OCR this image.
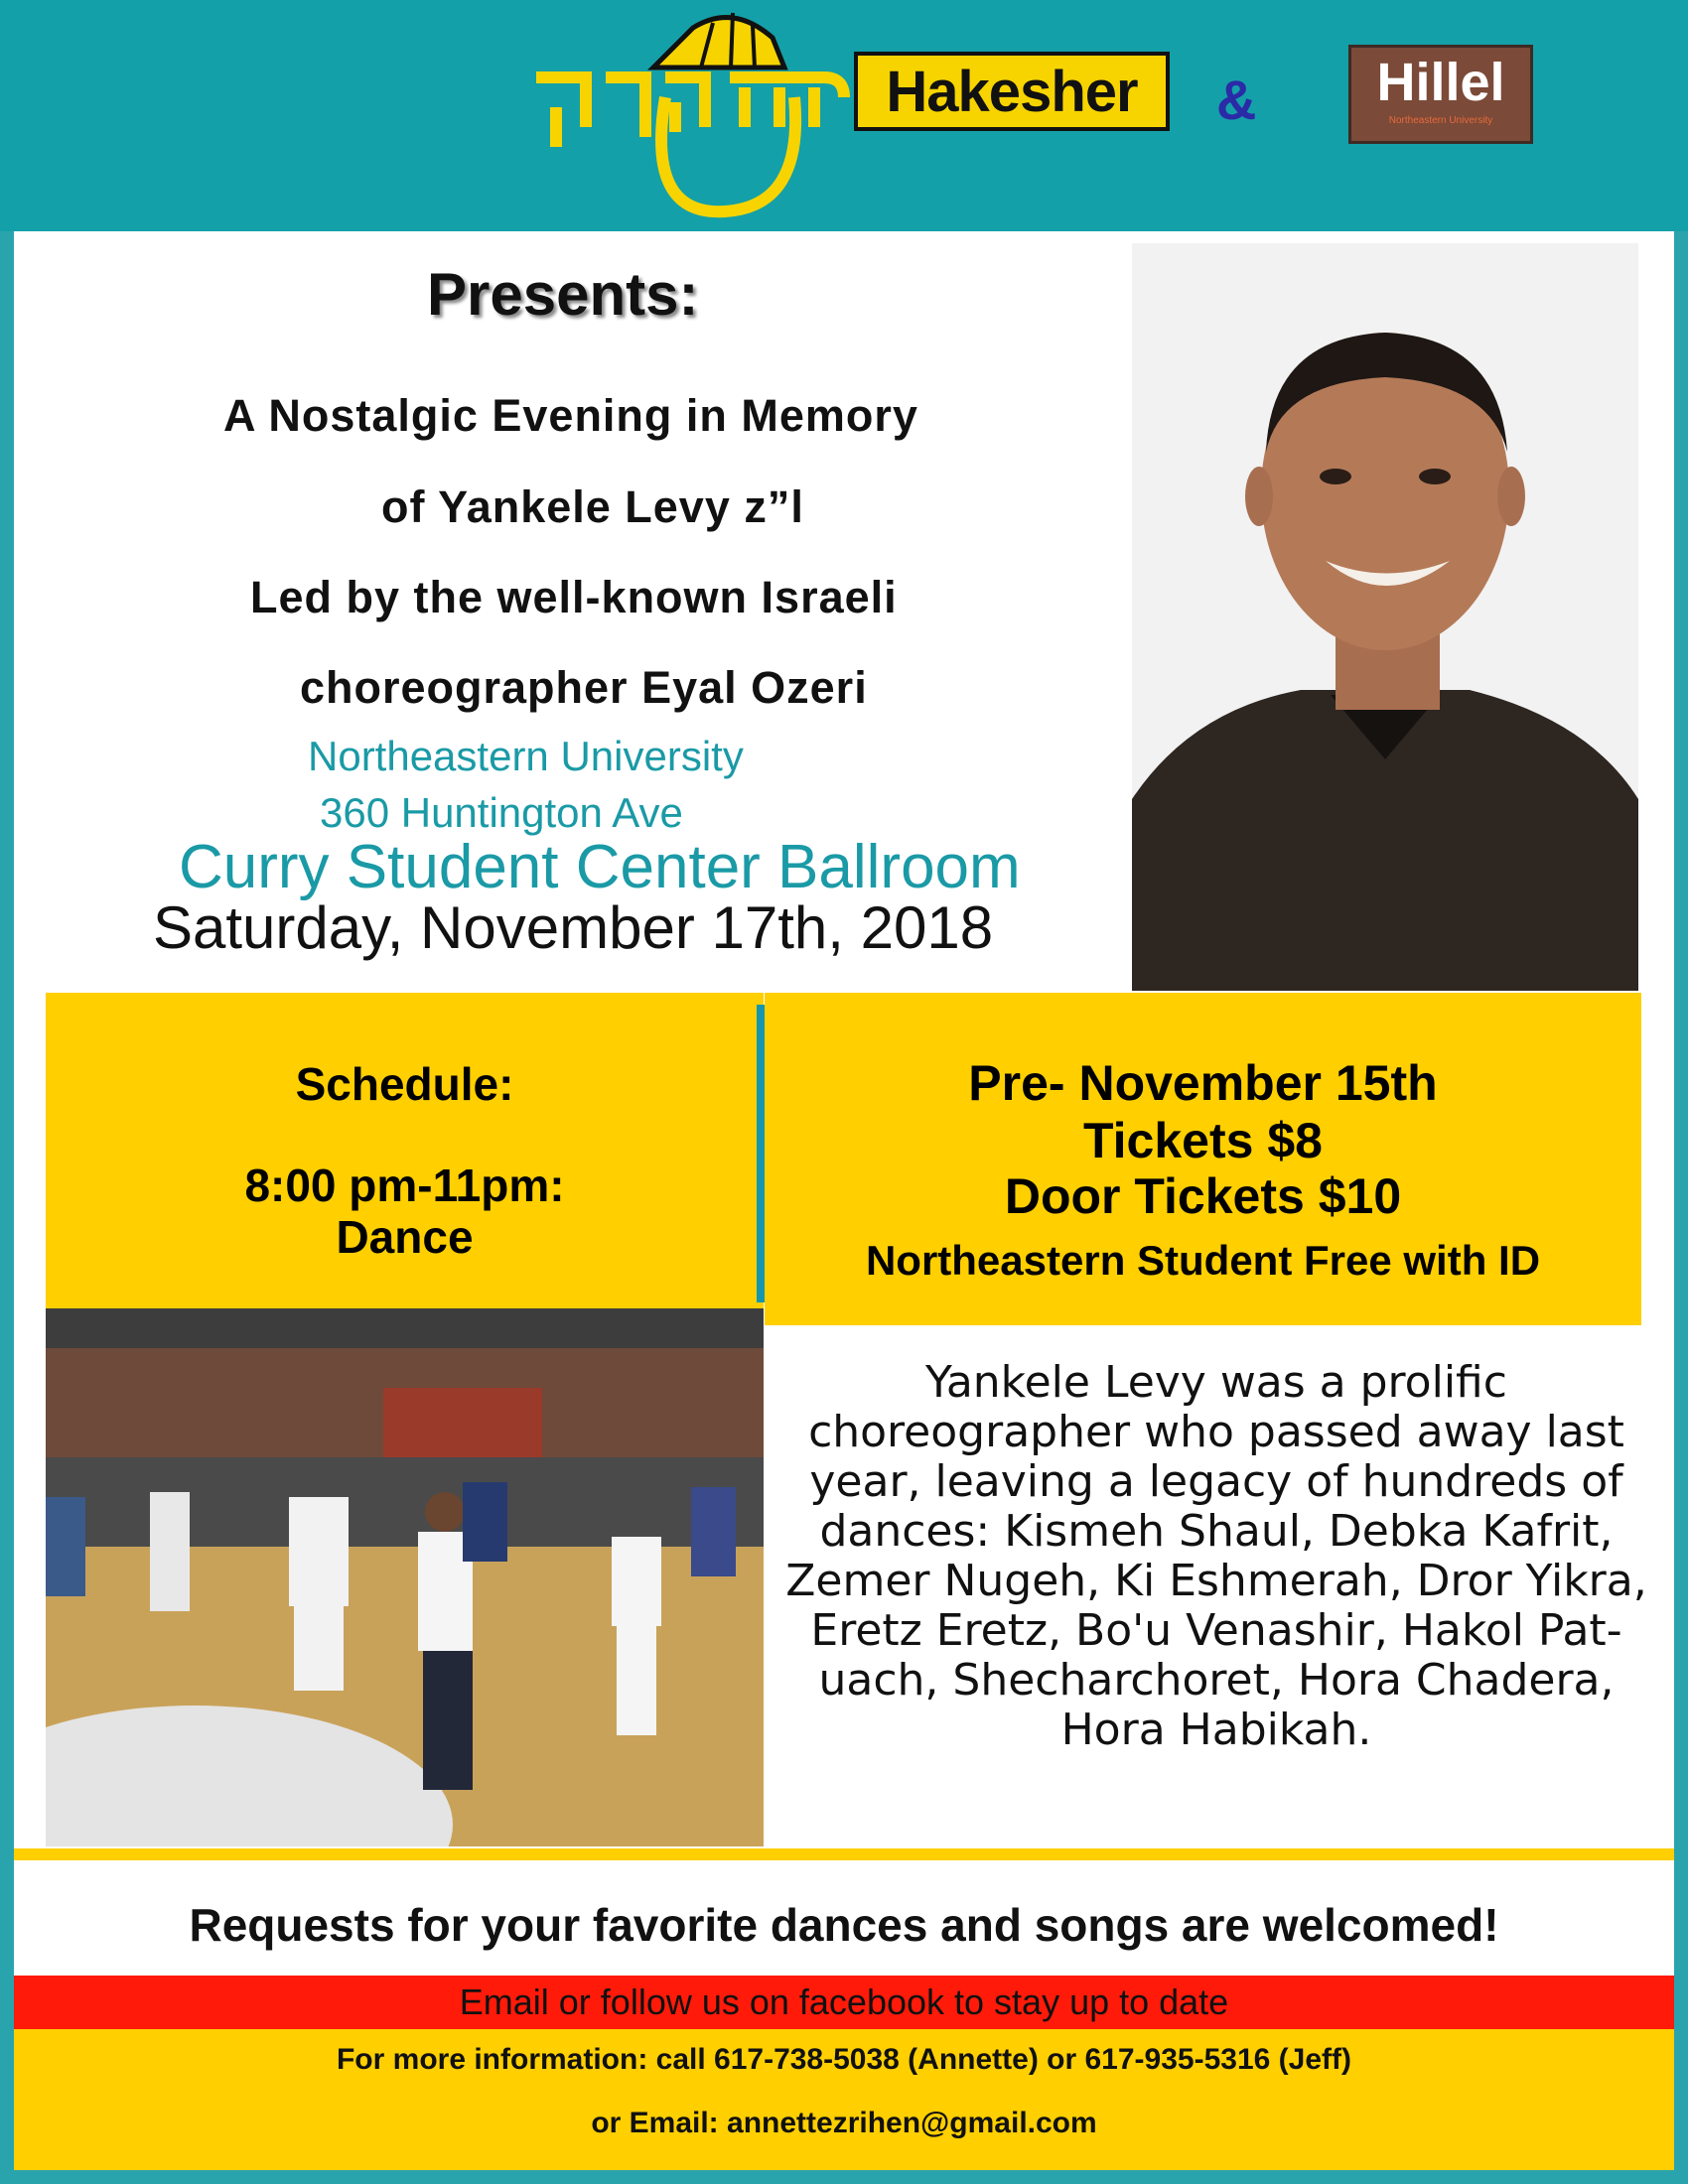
Hakesher &	Hillel
Northeastern University
Presents:
A Nostalgic Evening in Memory
of Yankele Levy z”l
Led by the well-known Israeli
choreographer Eyal Ozeri
Northeastern University
360 Huntington Ave
Curry Student Center Ballroom
Saturday, November 17th, 2018
Schedule:
8:00 pm-11pm:
Dance
Pre- November 15th
Tickets $8
Door Tickets $10
Northeastern Student Free with ID
Yankele Levy was a prolific choreographer who passed away last year, leaving a legacy of hundreds of dances: Kismeh Shaul, Debka Kafrit, Zemer Nugeh, Ki Eshmerah, Dror Yikra, Eretz Eretz, Bo'u Venashir, Hakol Pat-uach, Shecharchoret, Hora Chadera, Hora Habikah.
Requests for your favorite dances and songs are welcomed!
Email or follow us on facebook to stay up to date
For more information: call 617-738-5038 (Annette) or 617-935-5316 (Jeff)
or Email: annettezrihen@gmail.com
